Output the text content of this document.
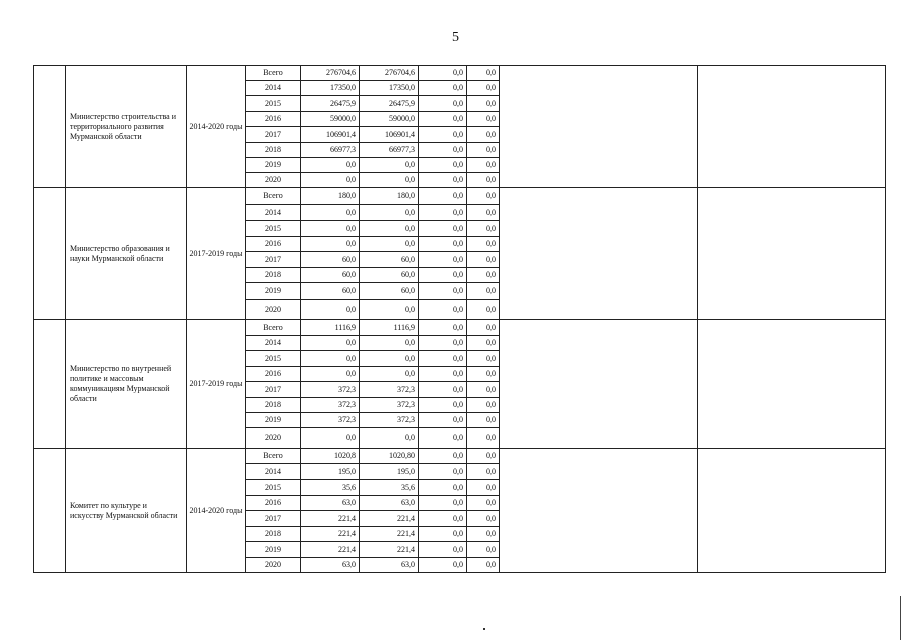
5
	Министерство строительства и территориального развития Мурманской области	2014-2020 годы	Всего	276704,6	276704,6	0,0	0,0		
			2014	17350,0	17350,0	0,0	0,0		
			2015	26475,9	26475,9	0,0	0,0		
			2016	59000,0	59000,0	0,0	0,0		
			2017	106901,4	106901,4	0,0	0,0		
			2018	66977,3	66977,3	0,0	0,0		
			2019	0,0	0,0	0,0	0,0		
			2020	0,0	0,0	0,0	0,0		
	Министерство образования и науки Мурманской области	2017-2019 годы	Всего	180,0	180,0	0,0	0,0		
			2014	0,0	0,0	0,0	0,0		
			2015	0,0	0,0	0,0	0,0		
			2016	0,0	0,0	0,0	0,0		
			2017	60,0	60,0	0,0	0,0		
			2018	60,0	60,0	0,0	0,0		
			2019	60,0	60,0	0,0	0,0		
			2020	0,0	0,0	0,0	0,0		
	Министерство по внутренней политике и массовым коммуникациям Мурманской области	2017-2019 годы	Всего	1116,9	1116,9	0,0	0,0		
			2014	0,0	0,0	0,0	0,0		
			2015	0,0	0,0	0,0	0,0		
			2016	0,0	0,0	0,0	0,0		
			2017	372,3	372,3	0,0	0,0		
			2018	372,3	372,3	0,0	0,0		
			2019	372,3	372,3	0,0	0,0		
			2020	0,0	0,0	0,0	0,0		
	Комитет по культуре и искусству Мурманской области	2014-2020 годы	Всего	1020,8	1020,80	0,0	0,0		
			2014	195,0	195,0	0,0	0,0		
			2015	35,6	35,6	0,0	0,0		
			2016	63,0	63,0	0,0	0,0		
			2017	221,4	221,4	0,0	0,0		
			2018	221,4	221,4	0,0	0,0		
			2019	221,4	221,4	0,0	0,0		
			2020	63,0	63,0	0,0	0,0		
